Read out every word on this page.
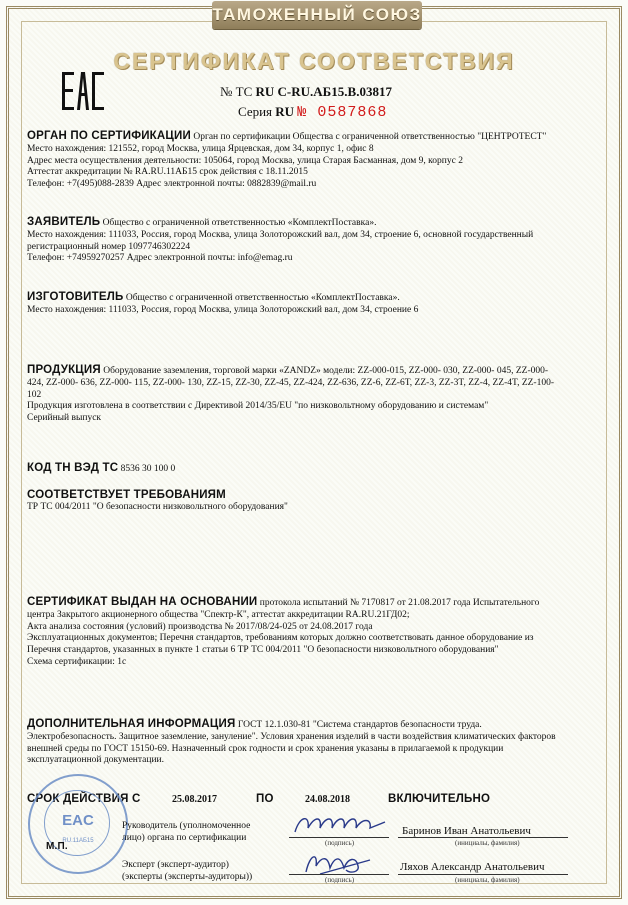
ТАМОЖЕННЫЙ СОЮЗ
СЕРТИФИКАТ СООТВЕТСТВИЯ
№ ТС RU C-RU.АБ15.В.03817
Серия RU № 0587868
ОРГАН ПО СЕРТИФИКАЦИИ Орган по сертификации Общества с ограниченной ответственностью "ЦЕНТРОТЕСТ"
Место нахождения: 121552, город Москва, улица Ярцевская, дом 34, корпус 1, офис 8
Адрес места осуществления деятельности: 105064, город Москва, улица Старая Басманная, дом 9, корпус 2
Аттестат аккредитации № RA.RU.11АБ15 срок действия с 18.11.2015
Телефон: +7(495)088-2839 Адрес электронной почты: 0882839@mail.ru
ЗАЯВИТЕЛЬ Общество с ограниченной ответственностью «КомплектПоставка».
Место нахождения: 111033, Россия, город Москва, улица Золоторожский вал, дом 34, строение 6, основной государственный
регистрационный номер 1097746302224
Телефон: +74959270257 Адрес электронной почты: info@emag.ru
ИЗГОТОВИТЕЛЬ Общество с ограниченной ответственностью «КомплектПоставка».
Место нахождения: 111033, Россия, город Москва, улица Золоторожский вал, дом 34, строение 6
ПРОДУКЦИЯ Оборудование заземления, торговой марки «ZANDZ» модели: ZZ-000-015, ZZ-000- 030, ZZ-000- 045, ZZ-000-
424, ZZ-000- 636, ZZ-000- 115, ZZ-000- 130, ZZ-15, ZZ-30, ZZ-45, ZZ-424, ZZ-636, ZZ-6, ZZ-6T, ZZ-3, ZZ-3T, ZZ-4, ZZ-4T, ZZ-100-
102
Продукция изготовлена в соответствии с Директивой 2014/35/EU "по низковольтному оборудованию и системам"
Серийный выпуск
КОД ТН ВЭД ТС 8536 30 100 0
СООТВЕТСТВУЕТ ТРЕБОВАНИЯМ
ТР ТС 004/2011 "О безопасности низковольтного оборудования"
СЕРТИФИКАТ ВЫДАН НА ОСНОВАНИИ протокола испытаний № 7170817 от 21.08.2017 года Испытательного
центра Закрытого акционерного общества "Спектр-К", аттестат аккредитации RA.RU.21ГД02;
Акта анализа состояния (условий) производства № 2017/08/24-025 от 24.08.2017 года
Эксплуатационных документов; Перечня стандартов, требованиям которых должно соответствовать данное оборудование из
Перечня стандартов, указанных в пункте 1 статьи 6 ТР ТС 004/2011 "О безопасности низковольтного оборудования"
Схема сертификации: 1с
ДОПОЛНИТЕЛЬНАЯ ИНФОРМАЦИЯ ГОСТ 12.1.030-81 "Система стандартов безопасности труда.
Электробезопасность. Защитное заземление, зануление". Условия хранения изделий в части воздействия климатических факторов
внешней среды по ГОСТ 15150-69. Назначенный срок годности и срок хранения указаны в прилагаемой к продукции
эксплуатационной документации.
СРОК ДЕЙСТВИЯ С	25.08.2017	ПО	24.08.2018	ВКЛЮЧИТЕЛЬНО
EAC
RU.11АБ15
М.П.
Руководитель (уполномоченное
лицо) органа по сертификации	(подпись)
Баринов Иван Анатольевич
(инициалы, фамилия)
Эксперт (эксперт-аудитор)
(эксперты (эксперты-аудиторы))	(подпись)
Ляхов Александр Анатольевич
(инициалы, фамилия)
